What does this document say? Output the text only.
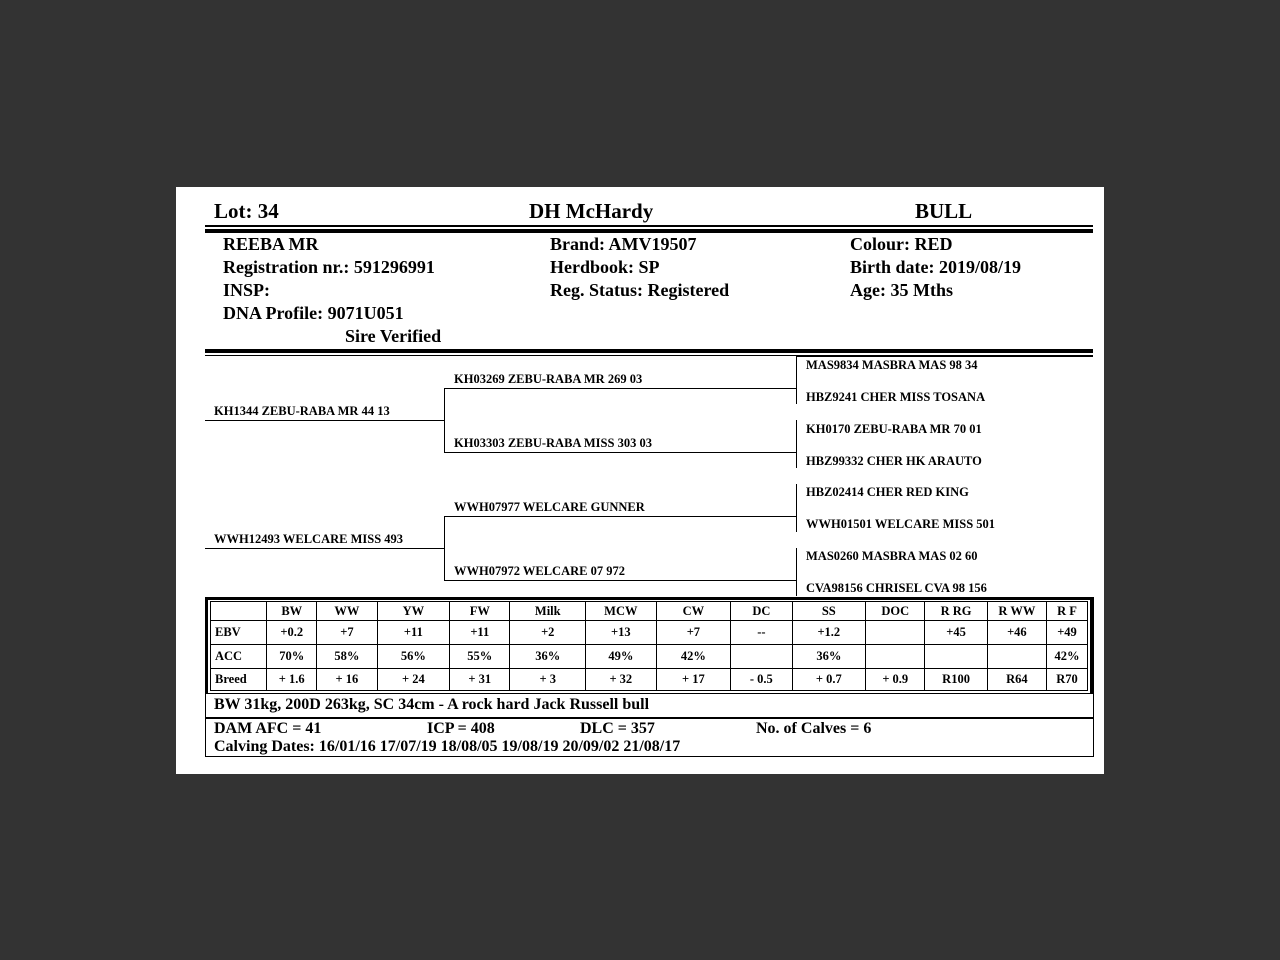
Lot: 34	DH McHardy	BULL
REEBA MR
Registration nr.: 591296991
INSP:
DNA Profile: 9071U051
Sire Verified
Brand: AMV19507
Herdbook: SP
Reg. Status: Registered
Colour: RED
Birth date: 2019/08/19
Age: 35 Mths
KH1344 ZEBU-RABA MR 44 13
WWH12493 WELCARE MISS 493
KH03269 ZEBU-RABA MR 269 03
KH03303 ZEBU-RABA MISS 303 03
WWH07977 WELCARE GUNNER
WWH07972 WELCARE 07 972
MAS9834 MASBRA MAS 98 34
HBZ9241 CHER MISS TOSANA
KH0170 ZEBU-RABA MR 70 01
HBZ99332 CHER HK ARAUTO
HBZ02414 CHER RED KING
WWH01501 WELCARE MISS 501
MAS0260 MASBRA MAS 02 60
CVA98156 CHRISEL CVA 98 156
	BW	WW	YW	FW	Milk	MCW	CW	DC	SS	DOC	R RG	R WW	R F
EBV	+0.2	+7	+11	+11	+2	+13	+7	--	+1.2		+45	+46	+49
ACC	70%	58%	56%	55%	36%	49%	42%		36%				42%
Breed	+ 1.6	+ 16	+ 24	+ 31	+ 3	+ 32	+ 17	- 0.5	+ 0.7	+ 0.9	R100	R64	R70
BW 31kg, 200D 263kg, SC 34cm - A rock hard Jack Russell bull
DAM AFC = 41	ICP = 408	DLC = 357	No. of Calves = 6
Calving Dates: 16/01/16 17/07/19 18/08/05 19/08/19 20/09/02 21/08/17
